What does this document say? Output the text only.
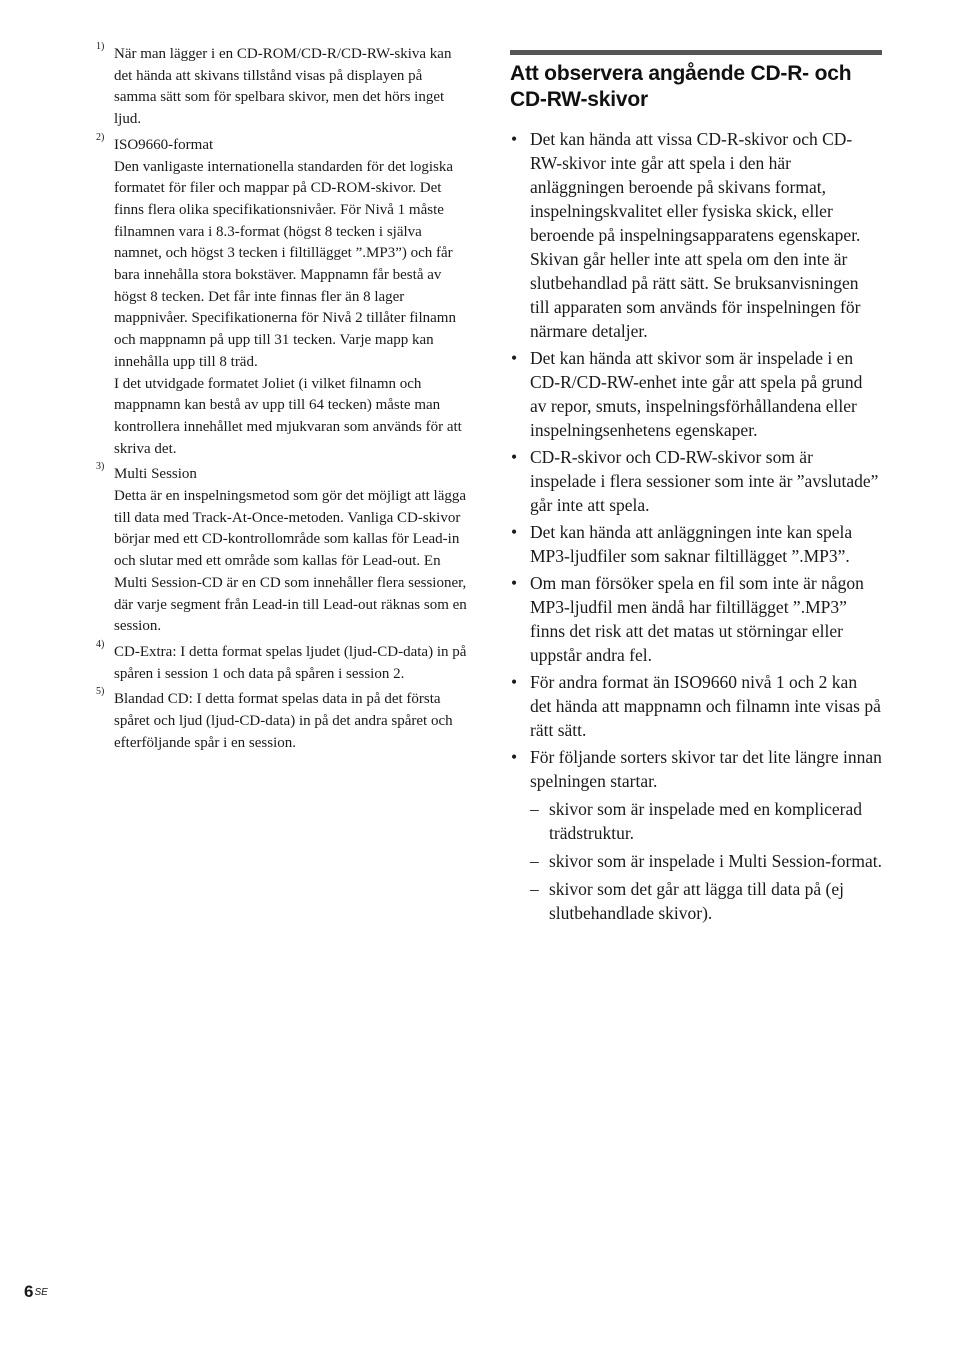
1) När man lägger i en CD-ROM/CD-R/CD-RW-skiva kan det hända att skivans tillstånd visas på displayen på samma sätt som för spelbara skivor, men det hörs inget ljud.

2) ISO9660-format

Den vanligaste internationella standarden för det logiska formatet för filer och mappar på CD-ROM-skivor. Det finns flera olika specifikationsnivåer. För Nivå 1 måste filnamnen vara i 8.3-format (högst 8 tecken i själva namnet, och högst 3 tecken i filtillägget ”.MP3”) och får bara innehålla stora bokstäver. Mappnamn får bestå av högst 8 tecken. Det får inte finnas fler än 8 lager mappnivåer. Specifikationerna för Nivå 2 tillåter filnamn och mappnamn på upp till 31 tecken. Varje mapp kan innehålla upp till 8 träd.

I det utvidgade formatet Joliet (i vilket filnamn och mappnamn kan bestå av upp till 64 tecken) måste man kontrollera innehållet med mjukvaran som används för att skriva det.

3) Multi Session

Detta är en inspelningsmetod som gör det möjligt att lägga till data med Track-At-Once-metoden. Vanliga CD-skivor börjar med ett CD-kontrollområde som kallas för Lead-in och slutar med ett område som kallas för Lead-out. En Multi Session-CD är en CD som innehåller flera sessioner, där varje segment från Lead-in till Lead-out räknas som en session.

4) CD-Extra: I detta format spelas ljudet (ljud-CD-data) in på spåren i session 1 och data på spåren i session 2.

5) Blandad CD: I detta format spelas data in på det första spåret och ljud (ljud-CD-data) in på det andra spåret och efterföljande spår i en session.

Att observera angående CD-R- och CD-RW-skivor
• Det kan hända att vissa CD-R-skivor och CD-RW-skivor inte går att spela i den här anläggningen beroende på skivans format, inspelningskvalitet eller fysiska skick, eller beroende på inspelningsapparatens egenskaper. Skivan går heller inte att spela om den inte är slutbehandlad på rätt sätt. Se bruksanvisningen till apparaten som används för inspelningen för närmare detaljer.
• Det kan hända att skivor som är inspelade i en CD-R/CD-RW-enhet inte går att spela på grund av repor, smuts, inspelningsförhållandena eller inspelningsenhetens egenskaper.
• CD-R-skivor och CD-RW-skivor som är inspelade i flera sessioner som inte är ”avslutade” går inte att spela.
• Det kan hända att anläggningen inte kan spela MP3-ljudfiler som saknar filtillägget ”.MP3”.
• Om man försöker spela en fil som inte är någon MP3-ljudfil men ändå har filtillägget ”.MP3” finns det risk att det matas ut störningar eller uppstår andra fel.
• För andra format än ISO9660 nivå 1 och 2 kan det hända att mappnamn och filnamn inte visas på rätt sätt.
• För följande sorters skivor tar det lite längre innan spelningen startar.
– skivor som är inspelade med en komplicerad trädstruktur.
– skivor som är inspelade i Multi Session-format.
– skivor som det går att lägga till data på (ej slutbehandlade skivor).
$6^{SE}$
